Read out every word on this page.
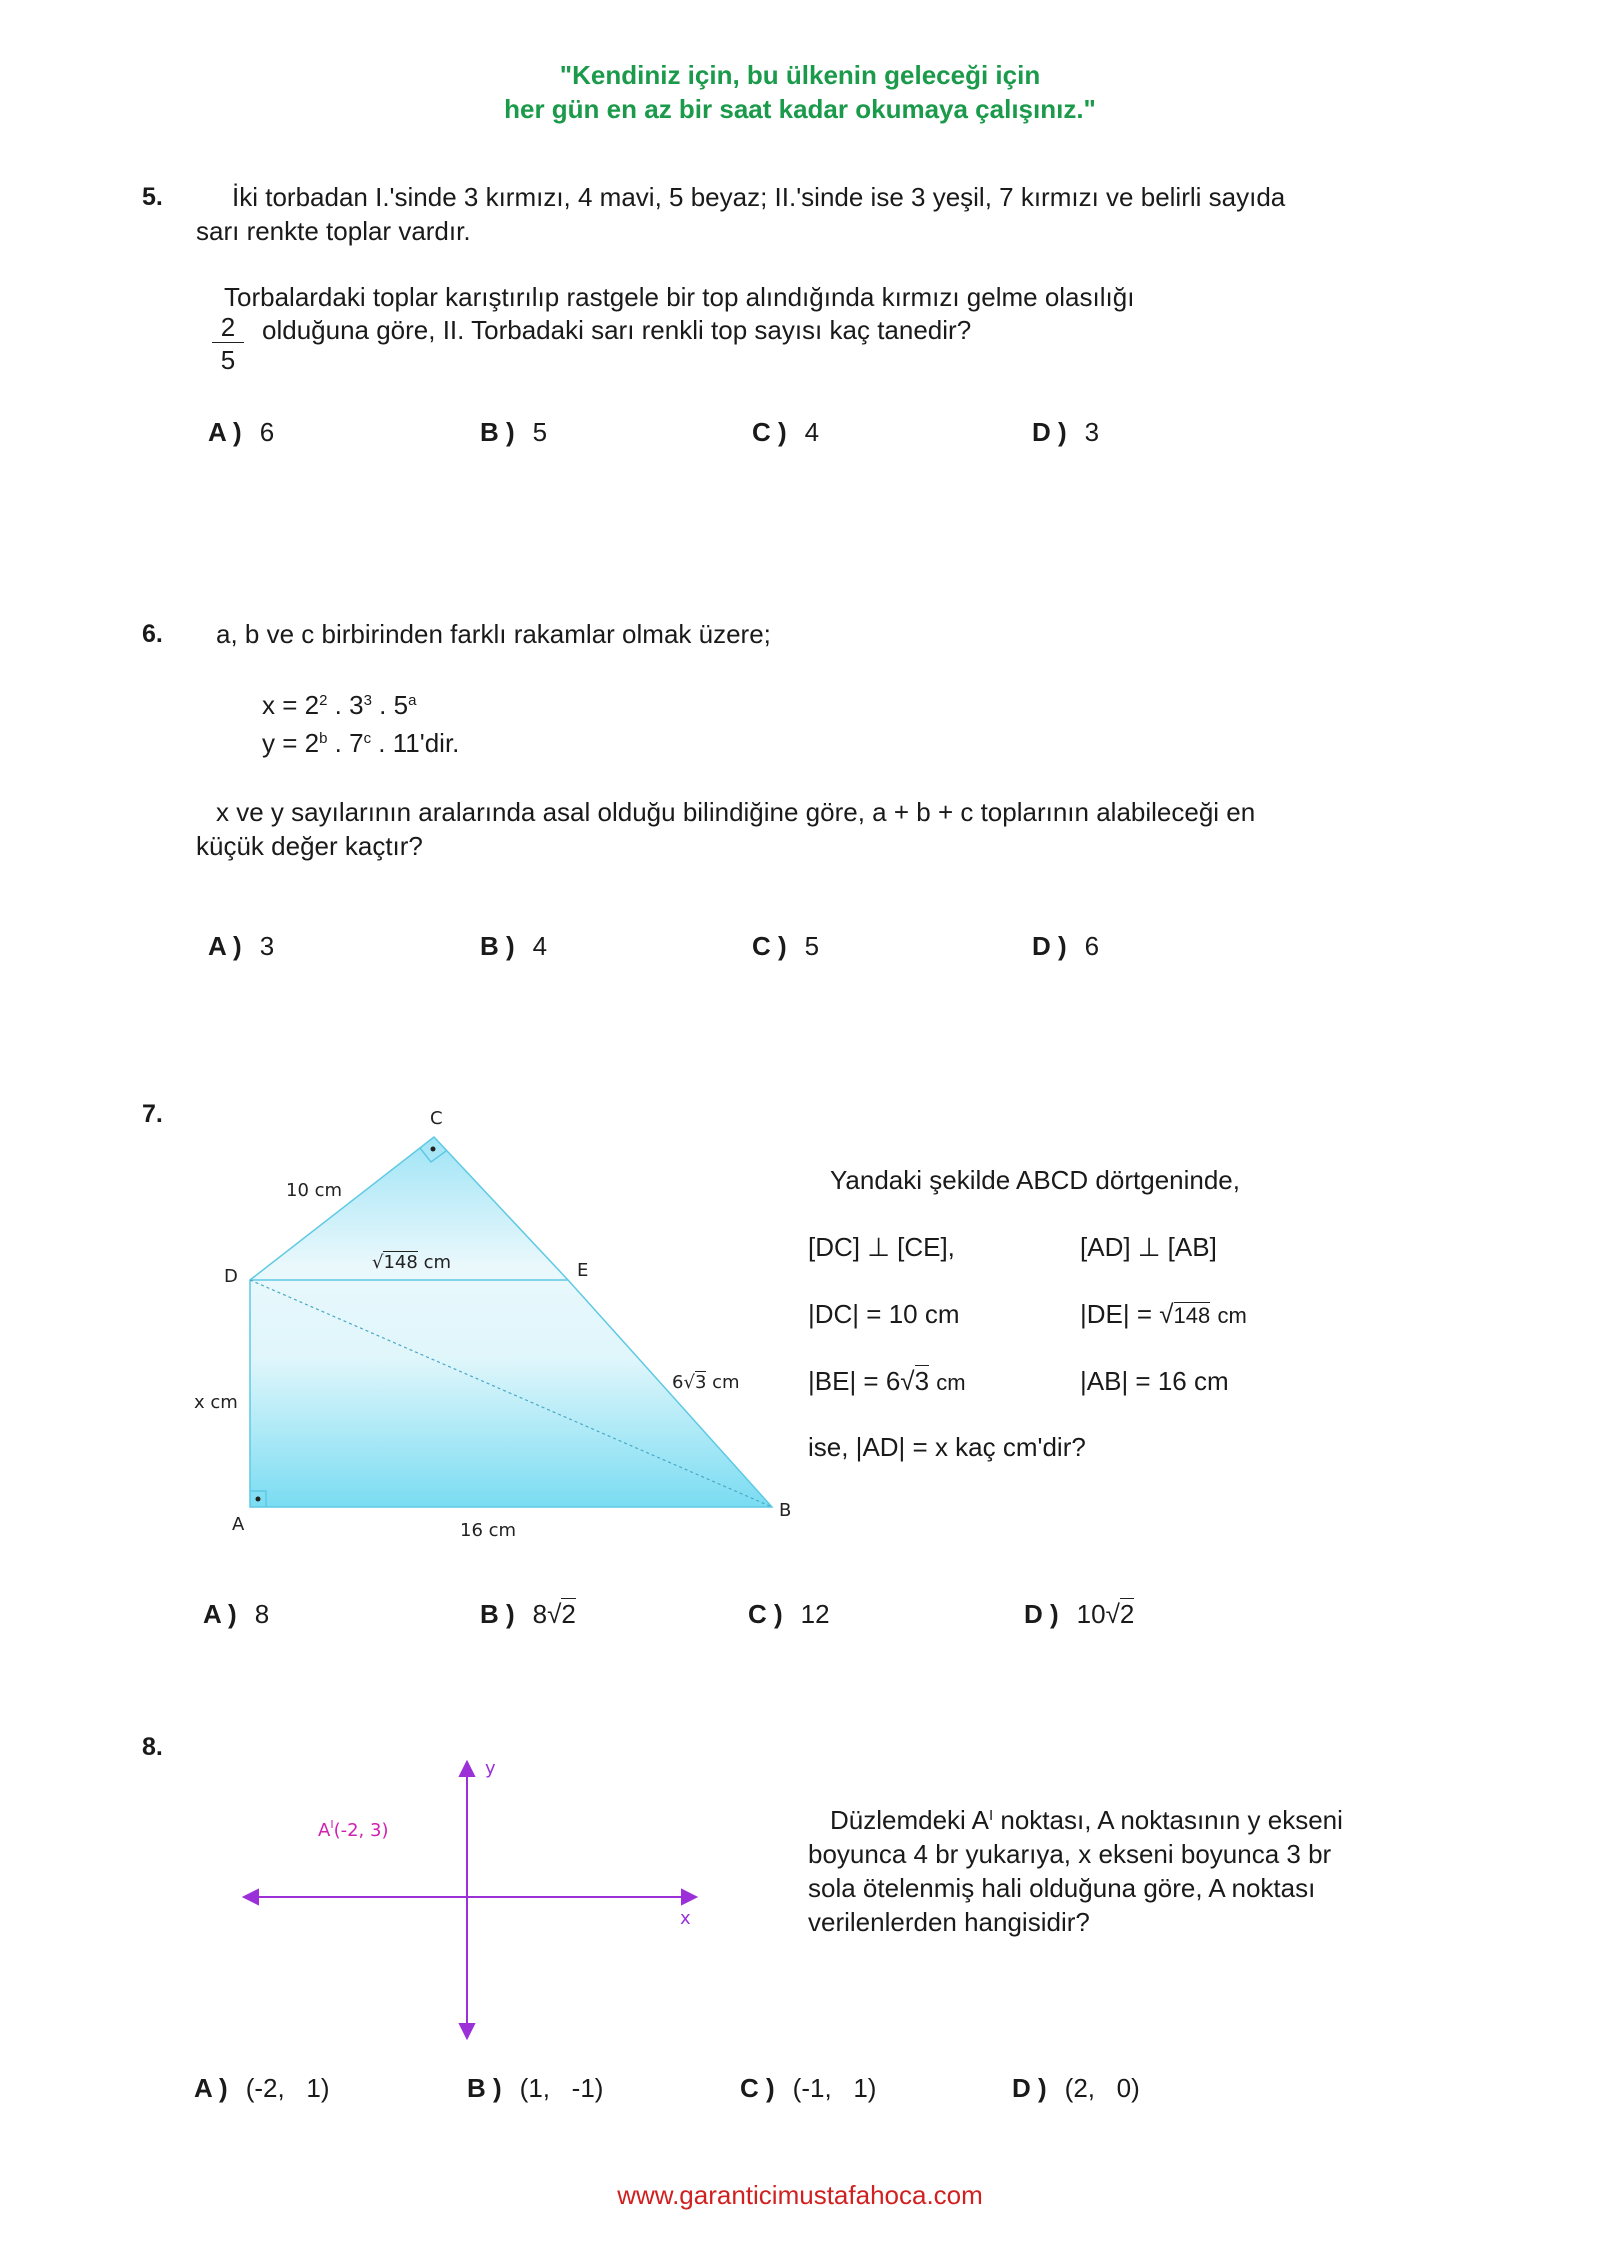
"Kendiniz için, bu ülkenin geleceği için
her gün en az bir saat kadar okumaya çalışınız."
5.	İki torbadan I.'sinde 3 kırmızı, 4 mavi, 5 beyaz; II.'sinde ise 3 yeşil, 7 kırmızı ve belirli sayıda
sarı renkte toplar vardır.
Torbalardaki toplar karıştırılıp rastgele bir top alındığında kırmızı gelme olasılığı
$\frac{2}{5}$ olduğuna göre, II. Torbadaki sarı renkli top sayısı kaç tanedir?
A ) 6	B ) 5	C ) 4	D ) 3
6. a, b ve c birbirinden farklı rakamlar olmak üzere;
$x = 2^2$ . $3^3$ . 5$^a$
$y = 2^b$ . 7$^c$ . 11'dir.
x ve y sayılarının aralarında asal olduğu bilindiğine göre, a + b + c toplarının alabileceği en
küçük değer kaçtır?
A ) 3	B ) 4	C ) 5	D ) 6
7.	C
D	E
A
B
10 cm
√148 cm
6√3 cm
x cm
16 cm
Yandaki şekilde ABCD dörtgeninde,
[DC] ⊥ [CE],	[AD] ⊥ [AB]
|DC| = 10 cm	|DE| = √148 cm
|BE| = 6√3 cm	|AB| = 16 cm
ise, |AD| = x kaç cm'dir?
A ) 8	B ) 8√2	C ) 12	D ) 10√2
8.
y
x
$A^I(-2$, 3)	Düzlemdeki $A^I$ noktası, A noktasının y ekseni
boyunca 4 br yukarıya, x ekseni boyunca 3 br
sola ötelenmiş hali olduğuna göre, A noktası
verilenlerden hangisidir?
A ) (-2,   1)	B ) (1,   -1)	C ) (-1,   1)	D ) (2,   0)
www.garanticimustafahoca.com
